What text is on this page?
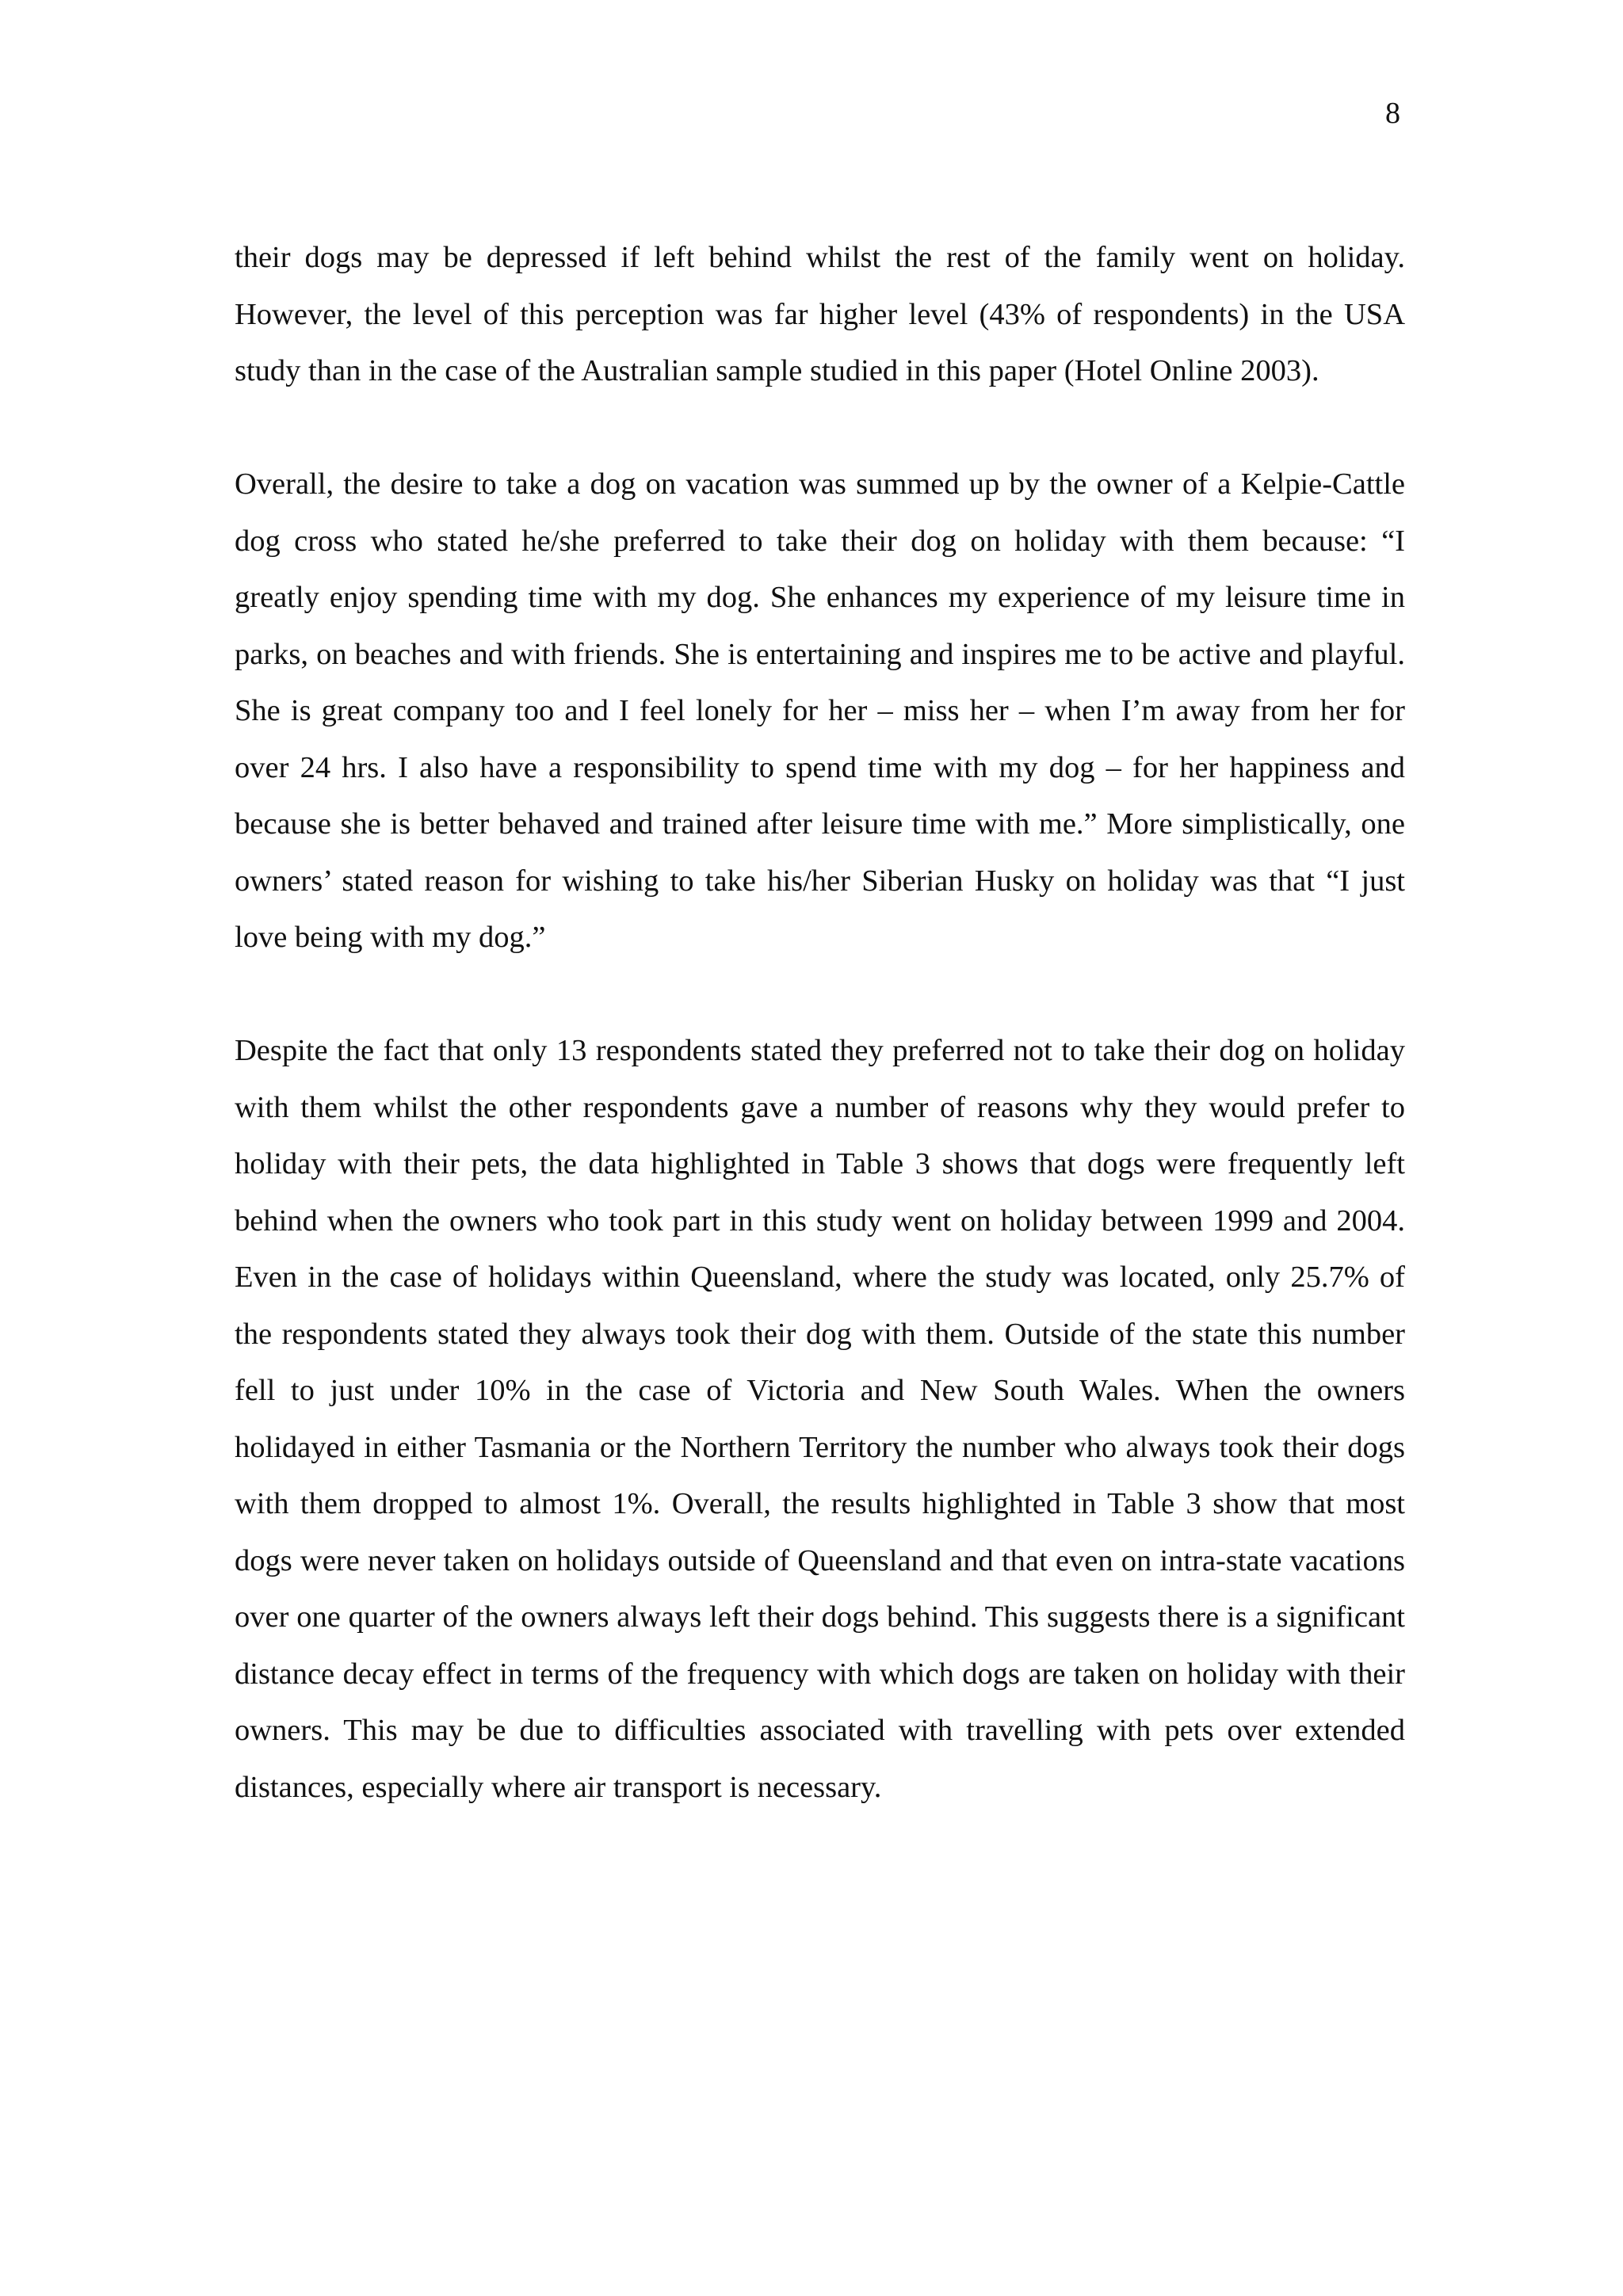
8

their dogs may be depressed if left behind whilst the rest of the family went on holiday. However, the level of this perception was far higher level (43% of respondents) in the USA study than in the case of the Australian sample studied in this paper (Hotel Online 2003).

Overall, the desire to take a dog on vacation was summed up by the owner of a Kelpie-Cattle dog cross who stated he/she preferred to take their dog on holiday with them because: “I greatly enjoy spending time with my dog. She enhances my experience of my leisure time in parks, on beaches and with friends. She is entertaining and inspires me to be active and playful. She is great company too and I feel lonely for her – miss her – when I’m away from her for over 24 hrs. I also have a responsibility to spend time with my dog – for her happiness and because she is better behaved and trained after leisure time with me.” More simplistically, one owners’ stated reason for wishing to take his/her Siberian Husky on holiday was that “I just love being with my dog.”

Despite the fact that only 13 respondents stated they preferred not to take their dog on holiday with them whilst the other respondents gave a number of reasons why they would prefer to holiday with their pets, the data highlighted in Table 3 shows that dogs were frequently left behind when the owners who took part in this study went on holiday between 1999 and 2004. Even in the case of holidays within Queensland, where the study was located, only 25.7% of the respondents stated they always took their dog with them. Outside of the state this number fell to just under 10% in the case of Victoria and New South Wales. When the owners holidayed in either Tasmania or the Northern Territory the number who always took their dogs with them dropped to almost 1%. Overall, the results highlighted in Table 3 show that most dogs were never taken on holidays outside of Queensland and that even on intra-state vacations over one quarter of the owners always left their dogs behind. This suggests there is a significant distance decay effect in terms of the frequency with which dogs are taken on holiday with their owners. This may be due to difficulties associated with travelling with pets over extended distances, especially where air transport is necessary.
